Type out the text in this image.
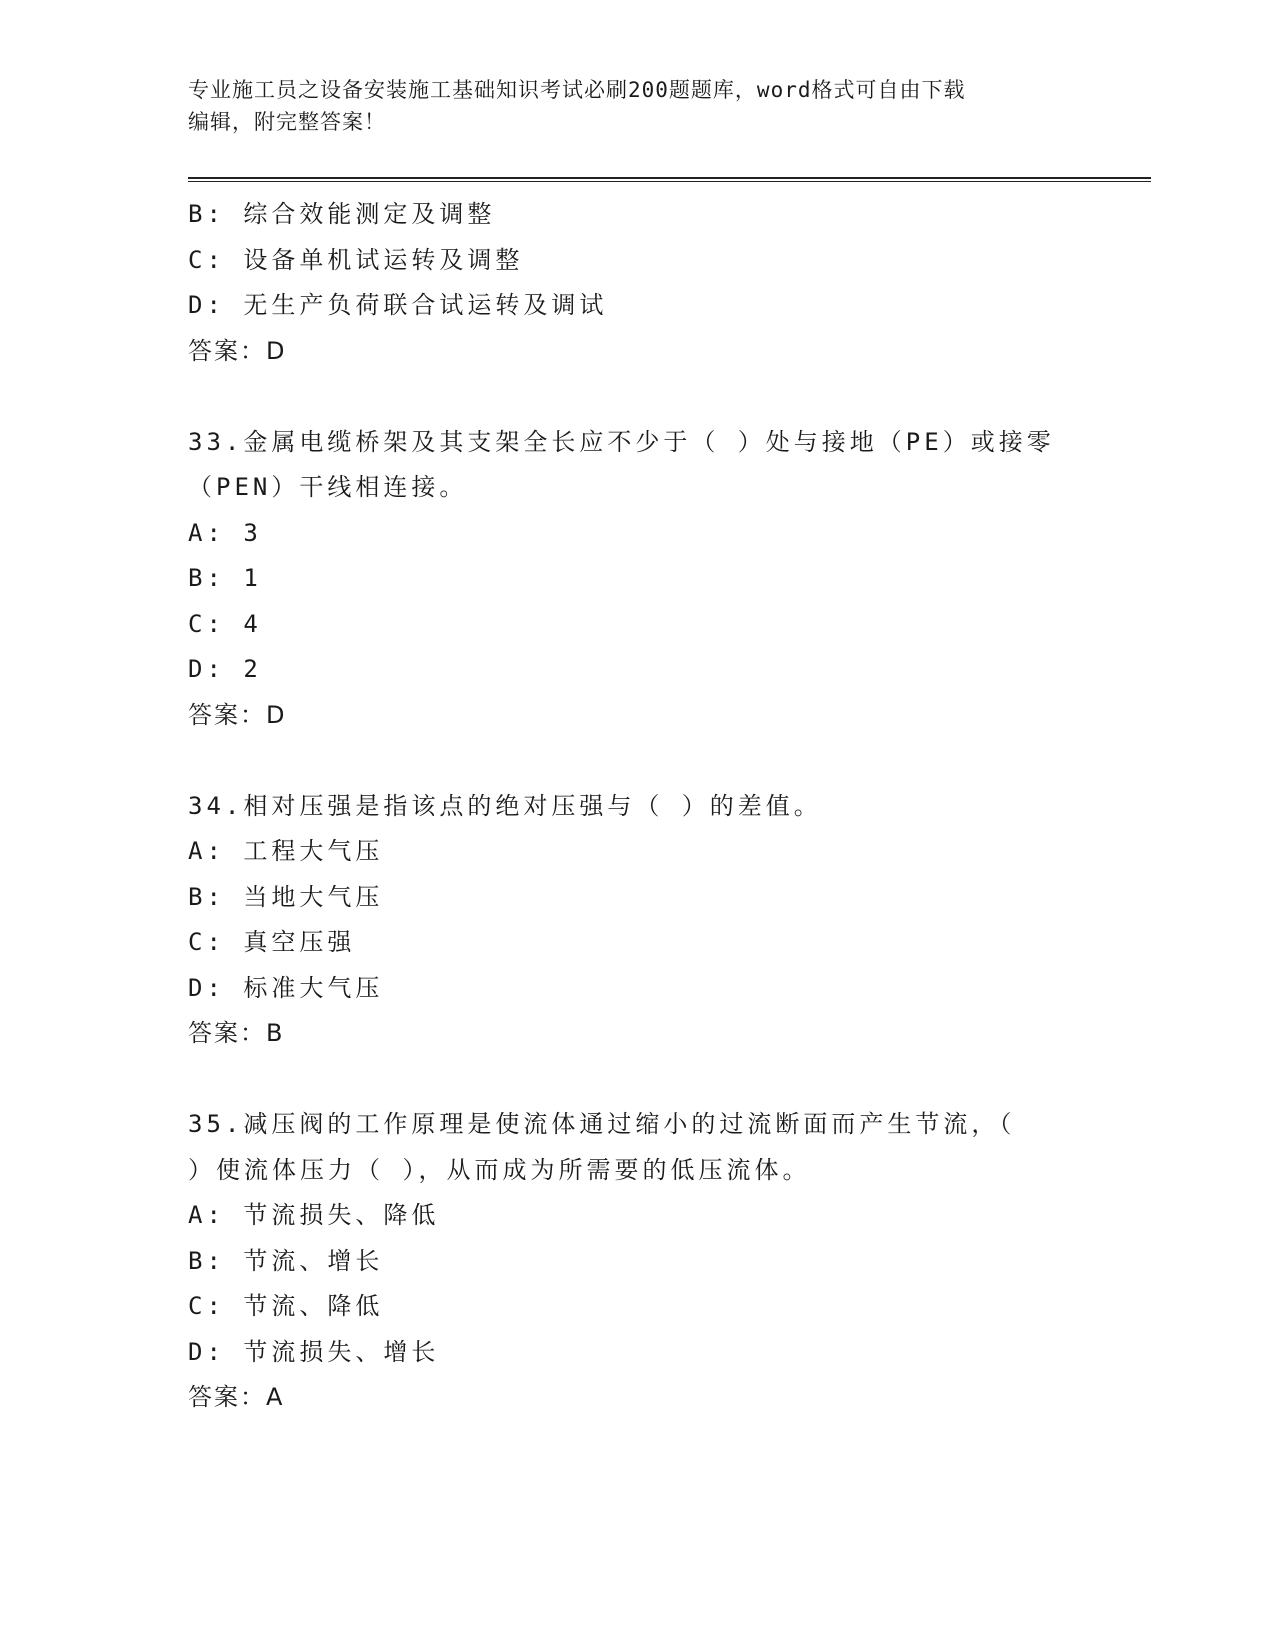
专业施工员之设备安装施工基础知识考试必刷200题题库，word格式可自由下载
编辑，附完整答案！
B: 综合效能测定及调整
C: 设备单机试运转及调整
D: 无生产负荷联合试运转及调试
答案：D
33.金属电缆桥架及其支架全长应不少于（ ）处与接地（PE）或接零
（PEN）干线相连接。
A: 3
B: 1
C: 4
D: 2
答案：D
34.相对压强是指该点的绝对压强与（ ）的差值。
A: 工程大气压
B: 当地大气压
C: 真空压强
D: 标准大气压
答案：B
35.减压阀的工作原理是使流体通过缩小的过流断面而产生节流，（
）使流体压力（ ），从而成为所需要的低压流体。
A: 节流损失、降低
B: 节流、增长
C: 节流、降低
D: 节流损失、增长
答案：A
